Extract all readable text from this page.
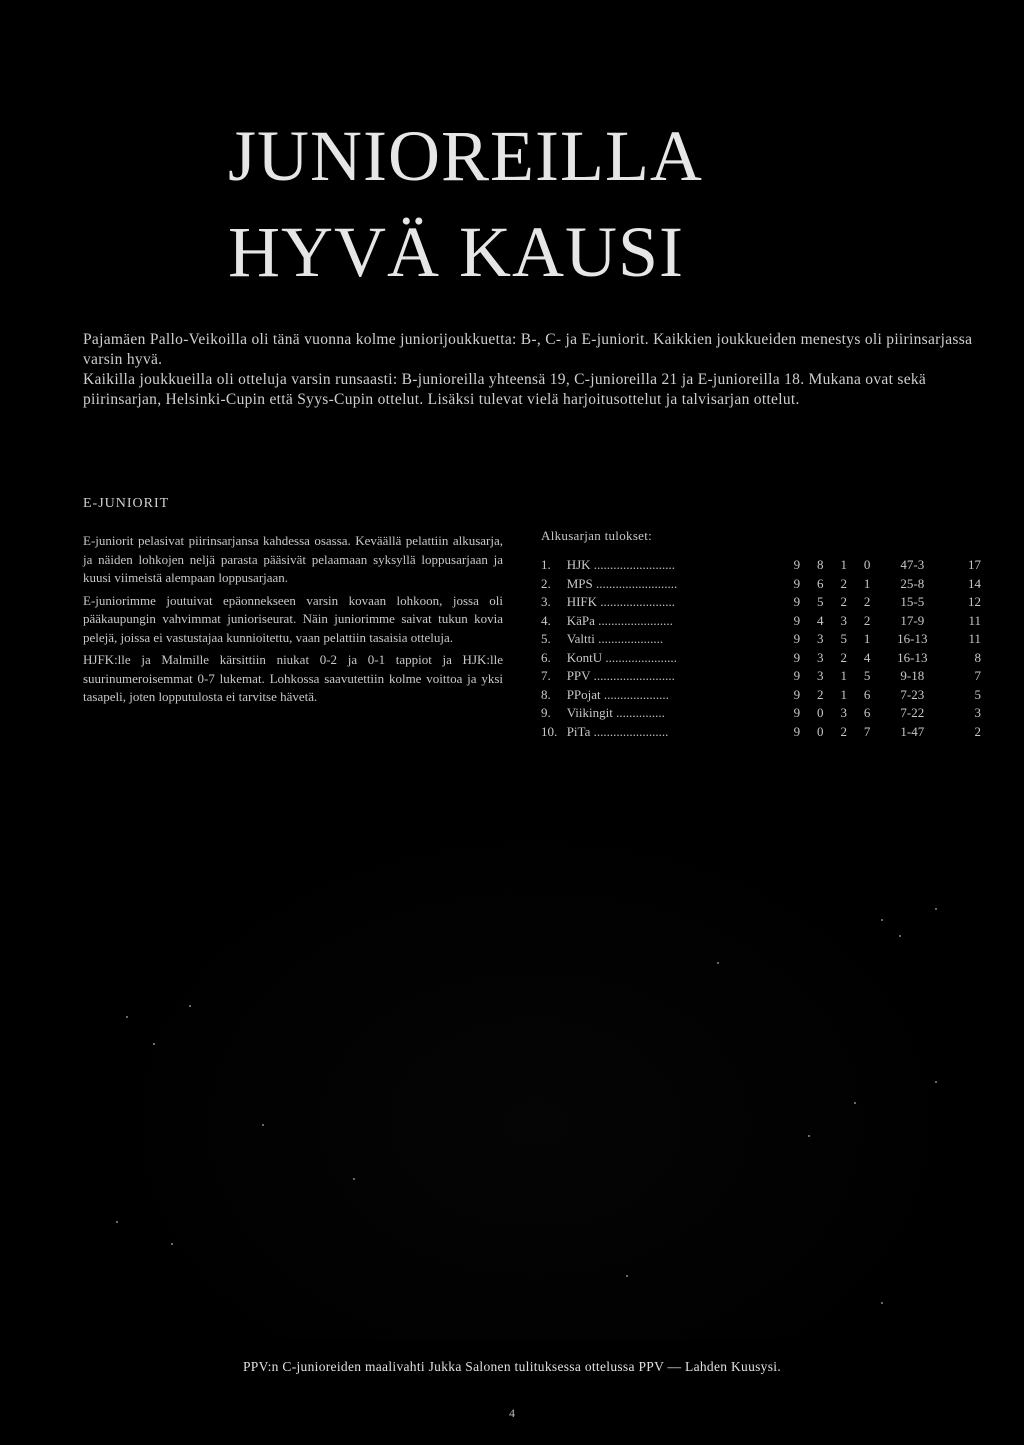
JUNIOREILLA
HYVÄ KAUSI

Pajamäen Pallo-Veikoilla oli tänä vuonna kolme juniorijoukkuetta: B-, C- ja E-juniorit. Kaikkien joukkueiden menestys oli piirinsarjassa varsin hyvä.

Kaikilla joukkueilla oli otteluja varsin runsaasti: B-junioreilla yhteensä 19, C-junioreilla 21 ja E-junioreilla 18. Mukana ovat sekä piirinsarjan, Helsinki-Cupin että Syys-Cupin ottelut. Lisäksi tulevat vielä harjoitusottelut ja talvisarjan ottelut.

E-JUNIORIT

E-juniorit pelasivat piirinsarjansa kahdessa osassa. Keväällä pelattiin alkusarja, ja näiden lohkojen neljä parasta pääsivät pelaamaan syksyllä loppusarjaan ja kuusi viimeistä alempaan loppusarjaan.

E-juniorimme joutuivat epäonnekseen varsin kovaan lohkoon, jossa oli pääkaupungin vahvimmat junioriseurat. Näin juniorimme saivat tukun kovia pelejä, joissa ei vastustajaa kunnioitettu, vaan pelattiin tasaisia otteluja.

HJFK:lle ja Malmille kärsittiin niukat 0-2 ja 0-1 tappiot ja HJK:lle suurinumeroisemmat 0-7 lukemat. Lohkossa saavutettiin kolme voittoa ja yksi tasapeli, joten lopputulosta ei tarvitse hävetä.

Alkusarjan tulokset:
1.	HJK .........................	9	8	1	0	47-3	17
2.	MPS .........................	9	6	2	1	25-8	14
3.	HIFK .......................	9	5	2	2	15-5	12
4.	KäPa .......................	9	4	3	2	17-9	11
5.	Valtti ....................	9	3	5	1	16-13	11
6.	KontU ......................	9	3	2	4	16-13	8
7.	PPV .........................	9	3	1	5	9-18	7
8.	PPojat ....................	9	2	1	6	7-23	5
9.	Viikingit ...............	9	0	3	6	7-22	3
10.	PiTa .......................	9	0	2	7	1-47	2
PPV:n C-junioreiden maalivahti Jukka Salonen tulituksessa ottelussa PPV — Lahden Kuusysi.
4
